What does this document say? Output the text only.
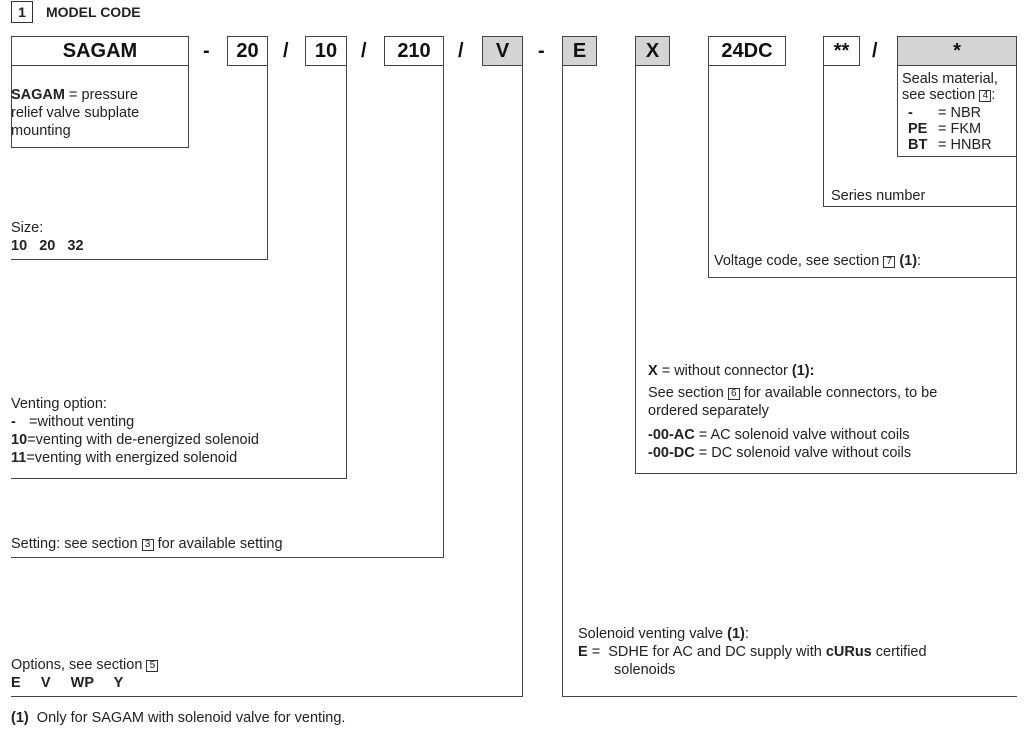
1	MODEL CODE
SAGAM	-	20	/	10	/	210	/	V	-	E	X	24DC	**	/	*
SAGAM = pressure
relief valve subplate
mounting
Size:
10   20   32
Venting option:
- =without venting
10=venting with de-energized solenoid
11=venting with energized solenoid
Setting: see section 3 for available setting
Options, see section 5
E     V     WP     Y
Solenoid venting valve (1):
E =  SDHE for AC and DC supply with cURus certified
solenoids
X = without connector (1):
See section 6 for available connectors, to be
ordered separately
-00-AC = AC solenoid valve without coils
-00-DC = DC solenoid valve without coils
Voltage code, see section 7 (1):
Series number
Seals material,
see section 4 :
- = NBR
PE = FKM
BT = HNBR
(1)  Only for SAGAM with solenoid valve for venting.
